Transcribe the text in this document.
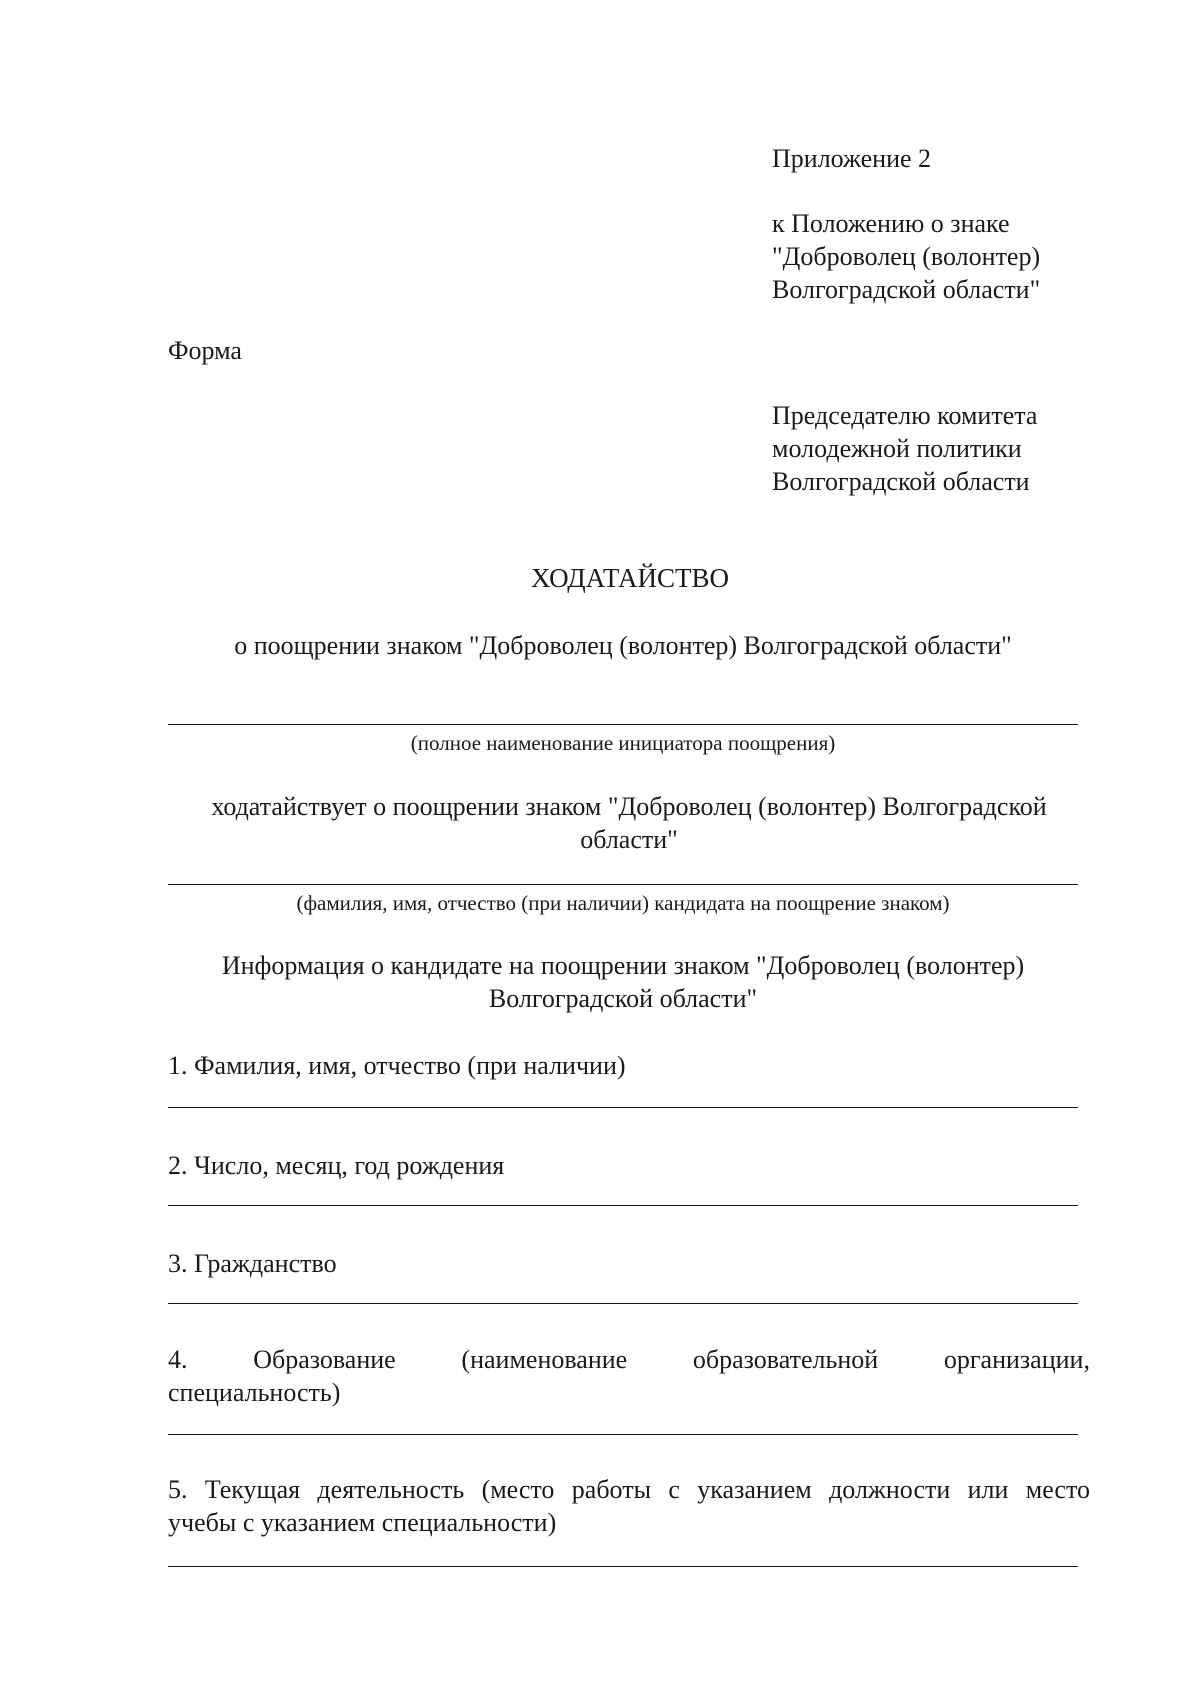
Приложение 2
к Положению о знаке
"Доброволец (волонтер)
Волгоградской области"
Форма
Председателю комитета
молодежной политики
Волгоградской области
ХОДАТАЙСТВО
о поощрении знаком "Доброволец (волонтер) Волгоградской области"
(полное наименование инициатора поощрения)
ходатайствует о поощрении знаком "Доброволец (волонтер) Волгоградской
области"
(фамилия, имя, отчество (при наличии) кандидата на поощрение знаком)
Информация о кандидате на поощрении знаком "Доброволец (волонтер)
Волгоградской области"
1. Фамилия, имя, отчество (при наличии)
2. Число, месяц, год рождения
3. Гражданство
4.	Образование	(наименование	образовательной	организации,
специальность)
5. Текущая деятельность (место работы с указанием должности или место
учебы с указанием специальности)
